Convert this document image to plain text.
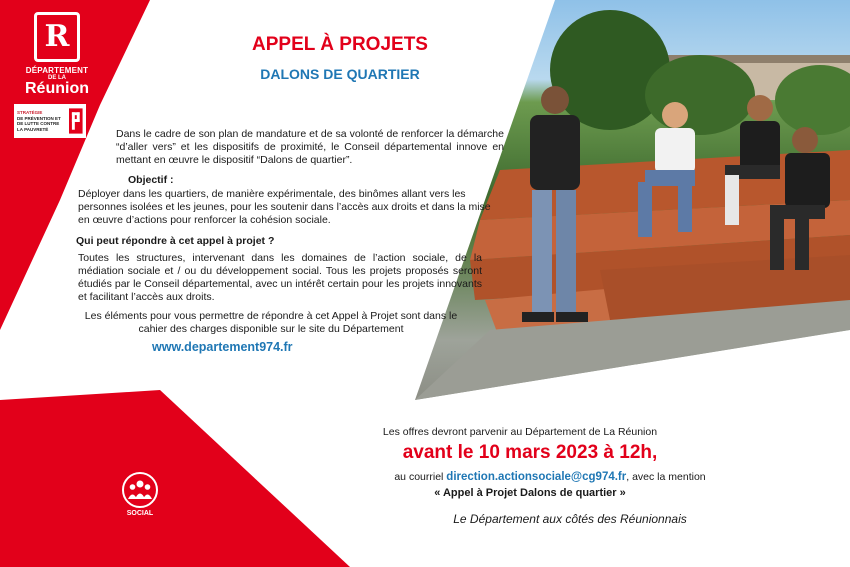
R
DÉPARTEMENT
DE LA
Réunion
STRATÉGIE
DE PRÉVENTION ET
DE LUTTE CONTRE
LA PAUVRETÉ
APPEL À PROJETS
DALONS DE QUARTIER

Dans le cadre de son plan de mandature et de sa volonté de renforcer la démarche “d’aller vers” et les dispositifs de proximité, le Conseil départemental innove en mettant en œuvre le dispositif “Dalons de quartier”.

Objectif :

Déployer dans les quartiers, de manière expérimentale, des binômes allant vers les personnes isolées et les jeunes, pour les soutenir dans l’accès aux droits et dans la mise en œuvre d’actions pour renforcer la cohésion sociale.

Qui peut répondre à cet appel à projet ?

Toutes les structures, intervenant dans les domaines de l’action sociale, de la médiation sociale et / ou du développement social. Tous les projets proposés seront étudiés par le Conseil départemental, avec un intérêt certain pour les projets innovants et facilitant l’accès aux droits.

Les éléments pour vous permettre de répondre à cet Appel à Projet sont dans le cahier des charges disponible sur le site du Département

www.departement974.fr
Les offres devront parvenir au Département de La Réunion
avant le 10 mars 2023 à 12h,
au courriel direction.actionsociale@cg974.fr, avec la mention
« Appel à Projet Dalons de quartier »
Le Département aux côtés des Réunionnais
SOCIAL
